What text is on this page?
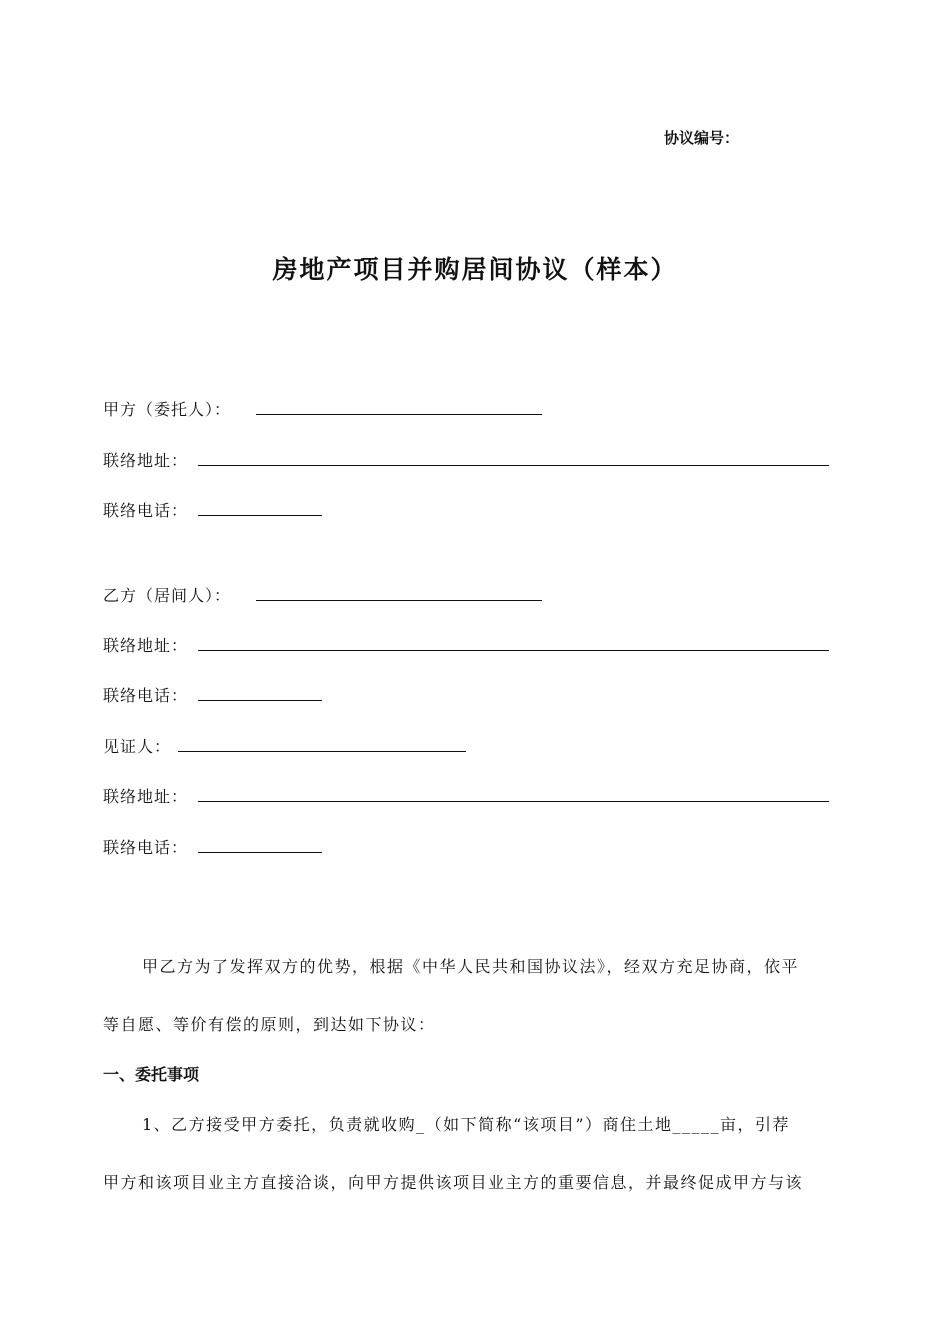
协议编号：
房地产项目并购居间协议（样本）
甲方（委托人）：
联络地址：
联络电话：
乙方（居间人）：
联络地址：
联络电话：
见证人：
联络地址：
联络电话：
甲乙方为了发挥双方的优势，根据《中华人民共和国协议法》，经双方充足协商，依平
等自愿、等价有偿的原则，到达如下协议：
一、委托事项
1、乙方接受甲方委托，负责就收购_（如下简称“该项目”）商住土地_____亩，引荐
甲方和该项目业主方直接洽谈，向甲方提供该项目业主方的重要信息，并最终促成甲方与该
